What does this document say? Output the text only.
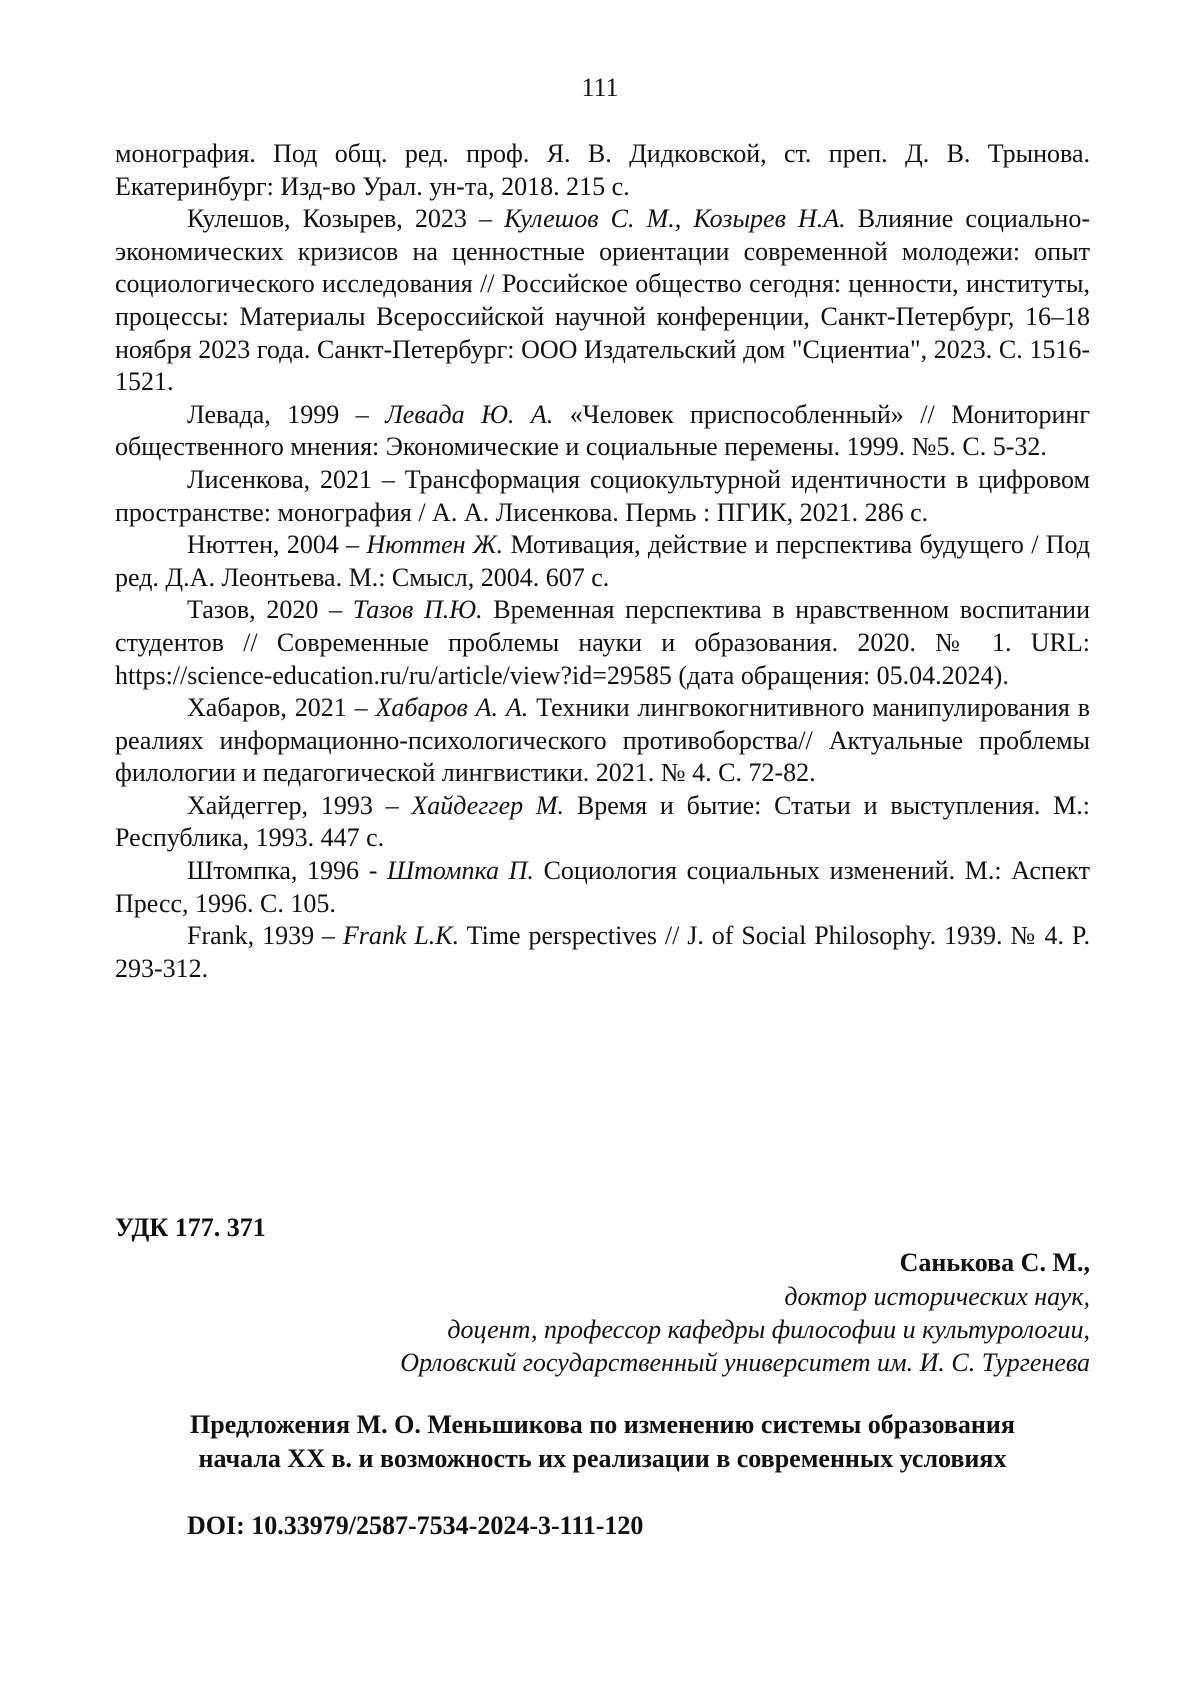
111

монография. Под общ. ред. проф. Я. В. Дидковской, ст. преп. Д. В. Трынова. Екатеринбург: Изд-во Урал. ун-та, 2018. 215 с.

Кулешов, Козырев, 2023 – Кулешов С. М., Козырев Н.А. Влияние социально-экономических кризисов на ценностные ориентации современной молодежи: опыт социологического исследования // Российское общество сегодня: ценности, институты, процессы: Материалы Всероссийской научной конференции, Санкт-Петербург, 16–18 ноября 2023 года. Санкт-Петербург: ООО Издательский дом "Сциентиа", 2023. С. 1516-1521.

Левада, 1999 – Левада Ю. А. «Человек приспособленный» // Мониторинг общественного мнения: Экономические и социальные перемены. 1999. №5. С. 5-32.

Лисенкова, 2021 – Трансформация социокультурной идентичности в цифровом пространстве: монография / А. А. Лисенкова. Пермь : ПГИК, 2021. 286 с.

Нюттен, 2004 – Нюттен Ж. Мотивация, действие и перспектива будущего / Под ред. Д.А. Леонтьева. М.: Смысл, 2004. 607 с.

Тазов, 2020 – Тазов П.Ю. Временная перспектива в нравственном воспитании студентов // Современные проблемы науки и образования. 2020. № 1. URL: https://science-education.ru/ru/article/view?id=29585 (дата обращения: 05.04.2024).

Хабаров, 2021 – Хабаров А. А. Техники лингвокогнитивного манипулирования в реалиях информационно-психологического противоборства// Актуальные проблемы филологии и педагогической лингвистики. 2021. № 4. С. 72-82.

Хайдеггер, 1993 – Хайдеггер М. Время и бытие: Статьи и выступления. М.: Республика, 1993. 447 с.

Штомпка, 1996 - Штомпка П. Социология социальных изменений. М.: Аспект Пресс, 1996. С. 105.

Frank, 1939 – Frank L.K. Time perspectives // J. of Social Philosophy. 1939. № 4. P. 293-312.

УДК 177. 371

Санькова С. М.,

доктор исторических наук,

доцент, профессор кафедры философии и культурологии,

Орловский государственный университет им. И. С. Тургенева

Предложения М. О. Меньшикова по изменению системы образования
начала XX в. и возможность их реализации в современных условиях

DOI: 10.33979/2587-7534-2024-3-111-120
